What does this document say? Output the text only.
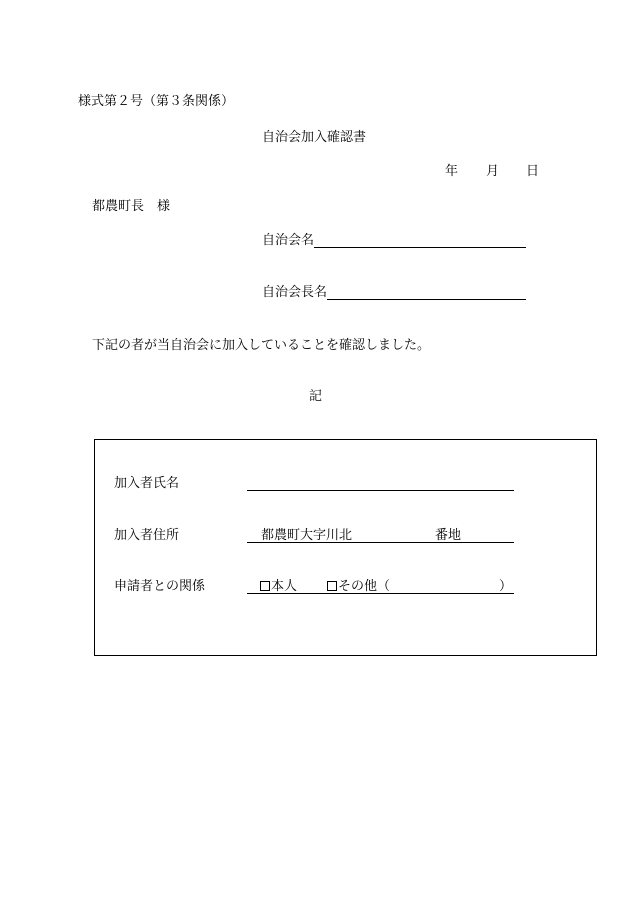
様式第２号（第３条関係）
自治会加入確認書
年 月 日
都農町長　様
自治会名
自治会長名
下記の者が当自治会に加入していることを確認しました。
記
加入者氏名
加入者住所	都農町大字川北	番地
申請者との関係	本人	その他（	）
